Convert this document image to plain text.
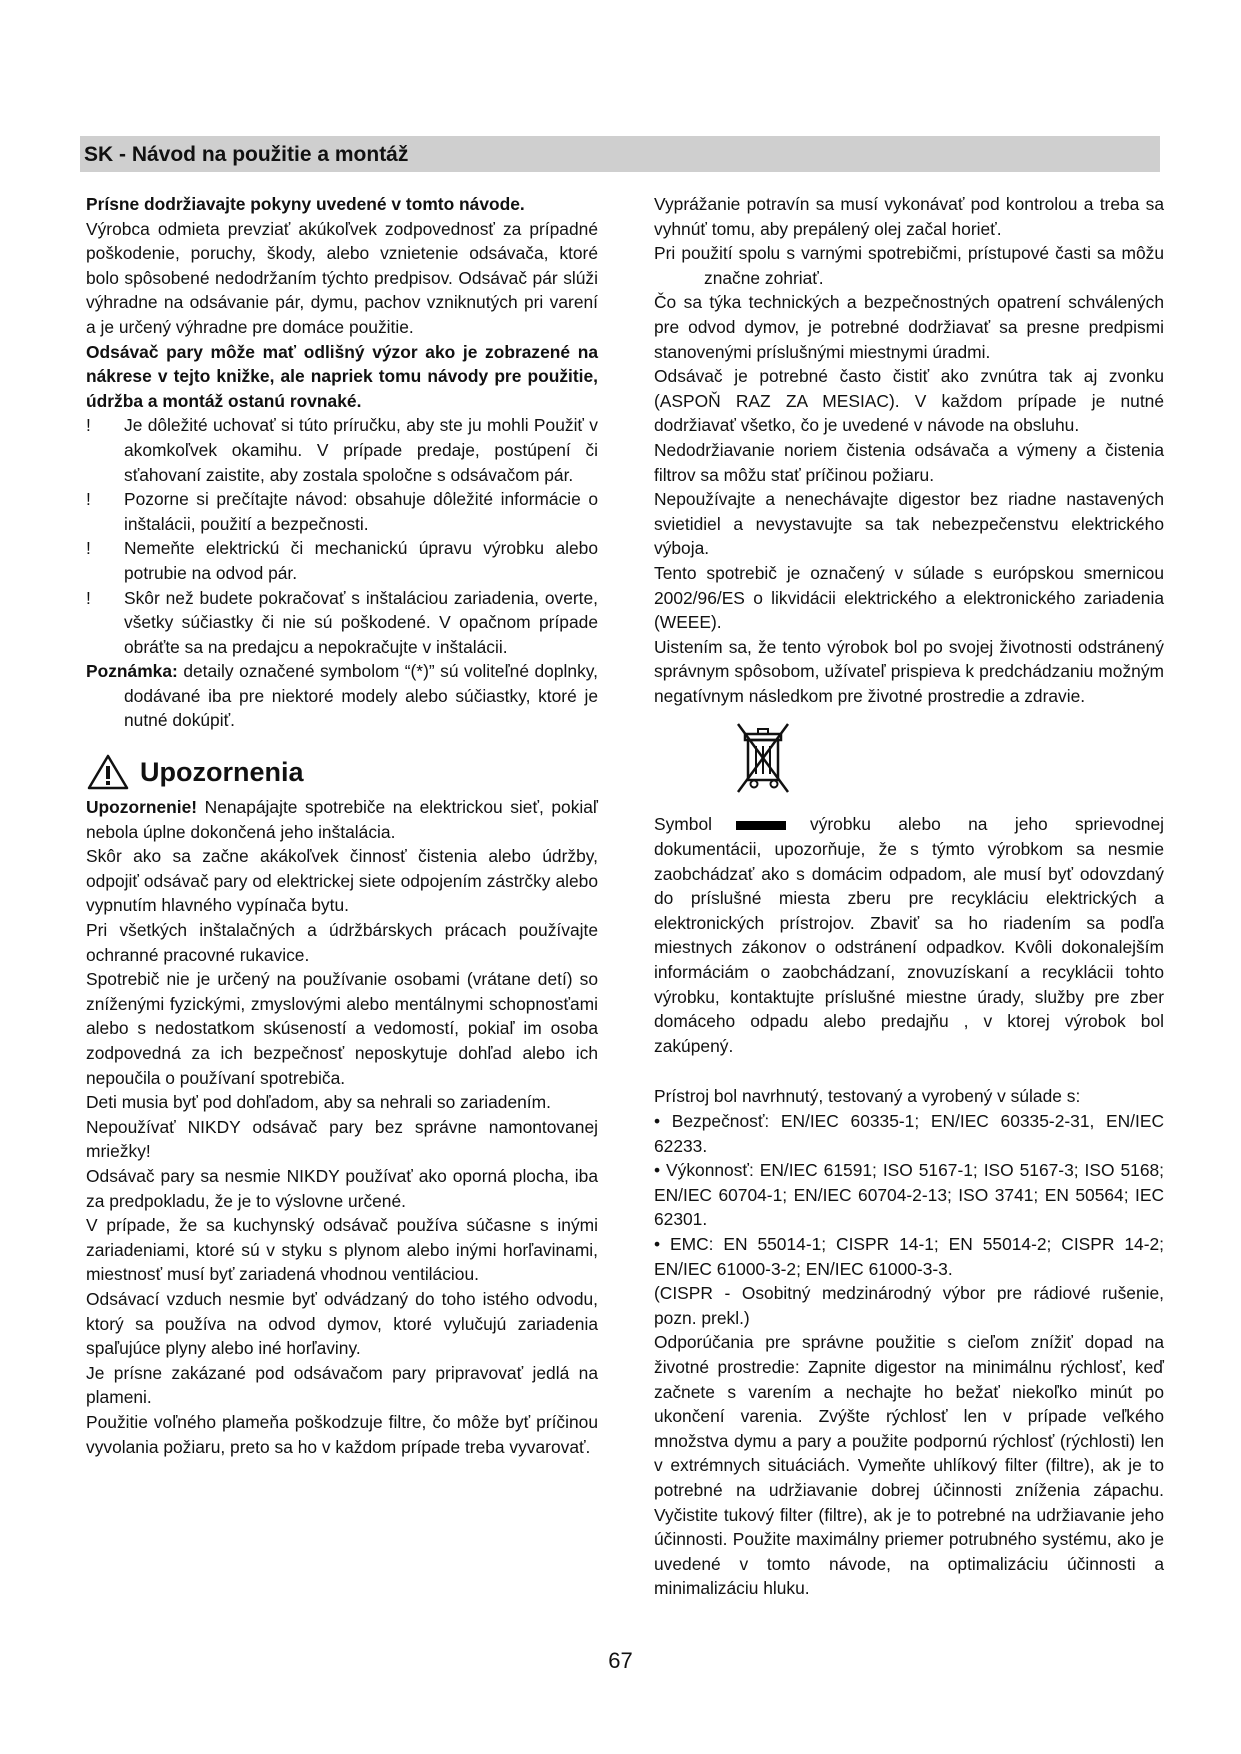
SK - Návod na použitie a montáž

Prísne dodržiavajte pokyny uvedené v tomto návode.

Výrobca odmieta prevziať akúkoľvek zodpovednosť za prípadné poškodenie, poruchy, škody, alebo vznietenie odsávača, ktoré bolo spôsobené nedodržaním týchto predpisov. Odsávač pár slúži výhradne na odsávanie pár, dymu, pachov vzniknutých pri varení a je určený výhradne pre domáce použitie.

Odsávač pary môže mať odlišný výzor ako je zobrazené na nákrese v tejto knižke, ale napriek tomu návody pre použitie, údržba a montáž ostanú rovnaké.

!	Je dôležité uchovať si túto príručku, aby ste ju mohli Použiť v akomkoľvek okamihu. V prípade predaje, postúpení či sťahovaní zaistite, aby zostala spoločne s odsávačom pár.
!	Pozorne si prečítajte návod: obsahuje dôležité informácie o inštalácii, použití a bezpečnosti.
!	Nemeňte elektrickú či mechanickú úpravu výrobku alebo potrubie na odvod pár.
!	Skôr než budete pokračovať s inštaláciou zariadenia, overte, všetky súčiastky či nie sú poškodené. V opačnom prípade obráťte sa na predajcu a nepokračujte v inštalácii.

Poznámka: detaily označené symbolom “(*)” sú voliteľné doplnky, dodávané iba pre niektoré modely alebo súčiastky, ktoré je nutné dokúpiť.

Upozornenia

Upozornenie! Nenapájajte spotrebiče na elektrickou sieť, pokiaľ nebola úplne dokončená jeho inštalácia.

Skôr ako sa začne akákoľvek činnosť čistenia alebo údržby, odpojiť odsávač pary od elektrickej siete odpojením zástrčky alebo vypnutím hlavného vypínača bytu.

Pri všetkých inštalačných a údržbárskych prácach používajte ochranné pracovné rukavice.

Spotrebič nie je určený na používanie osobami (vrátane detí) so zníženými fyzickými, zmyslovými alebo mentálnymi schopnosťami alebo s nedostatkom skúseností a vedomostí, pokiaľ im osoba zodpovedná za ich bezpečnosť neposkytuje dohľad alebo ich nepoučila o používaní spotrebiča.

Deti musia byť pod dohľadom, aby sa nehrali so zariadením.

Nepoužívať NIKDY odsávač pary bez správne namontovanej mriežky!

Odsávač pary sa nesmie NIKDY používať ako oporná plocha, iba za predpokladu, že je to výslovne určené.

V prípade, že sa kuchynský odsávač používa súčasne s inými zariadeniami, ktoré sú v styku s plynom alebo inými horľavinami, miestnosť musí byť zariadená vhodnou ventiláciou.

Odsávací vzduch nesmie byť odvádzaný do toho istého odvodu, ktorý sa používa na odvod dymov, ktoré vylučujú zariadenia spaľujúce plyny alebo iné horľaviny.

Je prísne zakázané pod odsávačom pary pripravovať jedlá na plameni.

Použitie voľného plameňa poškodzuje filtre, čo môže byť príčinou vyvolania požiaru, preto sa ho v každom prípade treba vyvarovať.

Vyprážanie potravín sa musí vykonávať pod kontrolou a treba sa vyhnúť tomu, aby prepálený olej začal horieť.

Pri použití spolu s varnými spotrebičmi, prístupové časti sa môžu značne zohriať.

Čo sa týka technických a bezpečnostných opatrení schválených pre odvod dymov, je potrebné dodržiavať sa presne predpismi stanovenými príslušnými miestnymi úradmi.

Odsávač je potrebné často čistiť ako zvnútra tak aj zvonku (ASPOŇ RAZ ZA MESIAC). V každom prípade je nutné dodržiavať všetko, čo je uvedené v návode na obsluhu.

Nedodržiavanie noriem čistenia odsávača a výmeny a čistenia filtrov sa môžu stať príčinou požiaru.

Nepoužívajte a nenechávajte digestor bez riadne nastavených svietidiel a nevystavujte sa tak nebezpečenstvu elektrického výboja.

Tento spotrebič je označený v súlade s európskou smernicou 2002/96/ES o likvidácii elektrického a elektronického zariadenia (WEEE).

Uistením sa, že tento výrobok bol po svojej životnosti odstránený správnym spôsobom, užívateľ prispieva k predchádzaniu možným negatívnym následkom pre životné prostredie a zdravie.

Symbol	výrobku alebo na jeho sprievodnej dokumentácii, upozorňuje, že s týmto výrobkom sa nesmie zaobchádzať ako s domácim odpadom, ale musí byť odovzdaný do príslušné miesta zberu pre recykláciu elektrických a elektronických prístrojov. Zbaviť sa ho riadením sa podľa miestnych zákonov o odstránení odpadkov. Kvôli dokonalejším informáciám o zaobchádzaní, znovuzískaní a recyklácii tohto výrobku, kontaktujte príslušné miestne úrady, služby pre zber domáceho odpadu alebo predajňu , v ktorej výrobok bol zakúpený.

Prístroj bol navrhnutý, testovaný a vyrobený v súlade s:

• Bezpečnosť: EN/IEC 60335-1; EN/IEC 60335-2-31, EN/IEC 62233.

• Výkonnosť: EN/IEC 61591; ISO 5167-1; ISO 5167-3; ISO 5168; EN/IEC 60704-1; EN/IEC 60704-2-13; ISO 3741; EN 50564; IEC 62301.

• EMC: EN 55014-1; CISPR 14-1; EN 55014-2; CISPR 14-2; EN/IEC 61000-3-2; EN/IEC 61000-3-3.

(CISPR - Osobitný medzinárodný výbor pre rádiové rušenie, pozn. prekl.)

Odporúčania pre správne použitie s cieľom znížiť dopad na životné prostredie: Zapnite digestor na minimálnu rýchlosť, keď začnete s varením a nechajte ho bežať niekoľko minút po ukončení varenia. Zvýšte rýchlosť len v prípade veľkého množstva dymu a pary a použite podpornú rýchlosť (rýchlosti) len v extrémnych situáciách. Vymeňte uhlíkový filter (filtre), ak je to potrebné na udržiavanie dobrej účinnosti zníženia zápachu. Vyčistite tukový filter (filtre), ak je to potrebné na udržiavanie jeho účinnosti. Použite maximálny priemer potrubného systému, ako je uvedené v tomto návode, na optimalizáciu účinnosti a minimalizáciu hluku.

67
